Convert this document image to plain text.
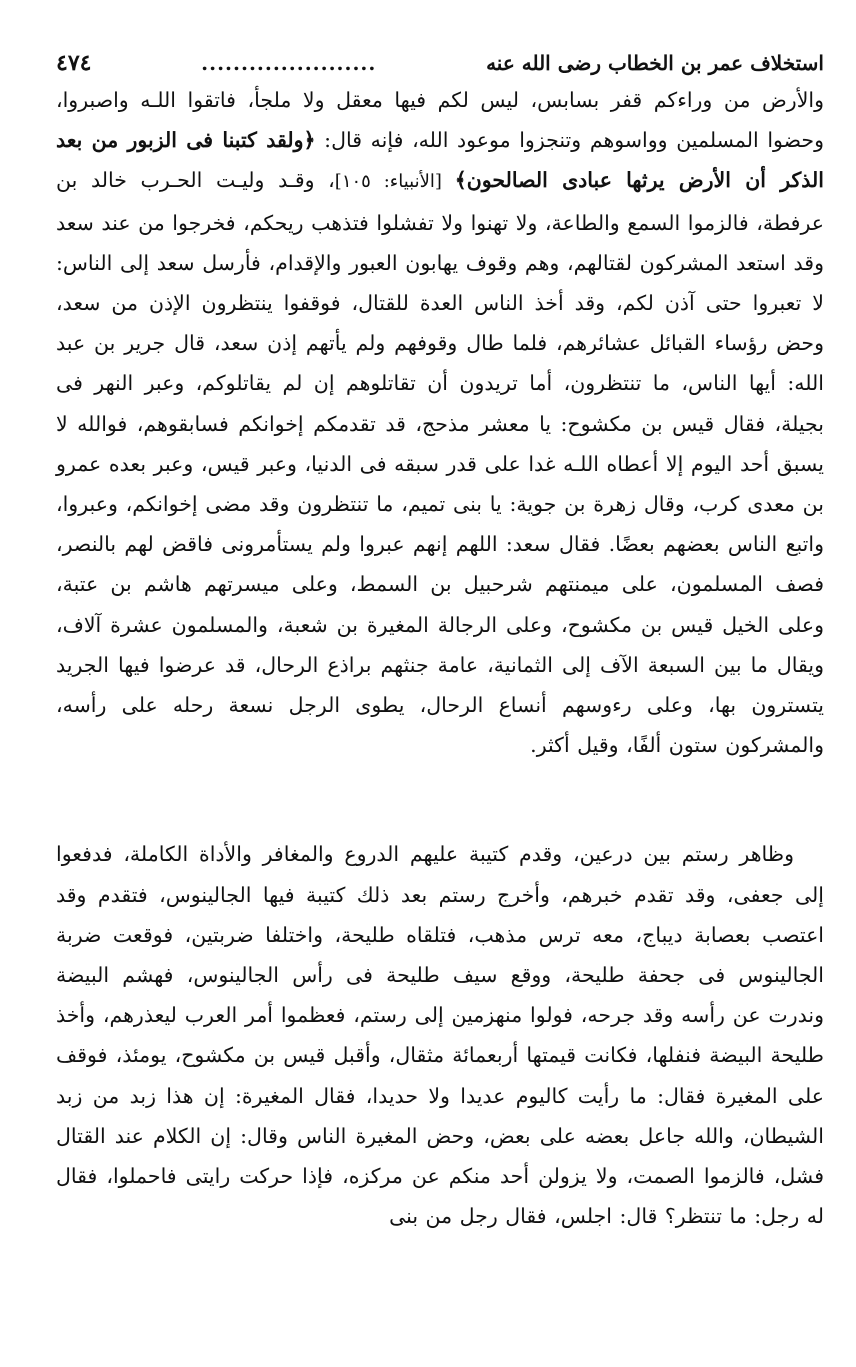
استخلاف عمر بن الخطاب رضى الله عنه
......................
٤٧٤

والأرض من وراءكم قفر بسابس، ليس لكم فيها معقل ولا ملجأ، فاتقوا اللـه واصبروا، وحضوا المسلمين وواسوهم وتنجزوا موعود الله، فإنه قال: ﴿ولقد كتبنا فى الزبور من بعد الذكر أن الأرض يرثها عبادى الصالحون﴾ [الأنبياء: ١٠٥]، وقـد وليـت الحـرب خالد بن عرفطة، فالزموا السمع والطاعة، ولا تهنوا ولا تفشلوا فتذهب ريحكم، فخرجوا من عند سعد وقد استعد المشركون لقتالهم، وهم وقوف يهابون العبور والإقدام، فأرسل سعد إلى الناس: لا تعبروا حتى آذن لكم، وقد أخذ الناس العدة للقتال، فوقفوا ينتظرون الإذن من سعد، وحض رؤساء القبائل عشائرهم، فلما طال وقوفهم ولم يأتهم إذن سعد، قال جرير بن عبد الله: أيها الناس، ما تنتظرون، أما تريدون أن تقاتلوهم إن لم يقاتلوكم، وعبر النهر فى بجيلة، فقال قيس بن مكشوح: يا معشر مذحج، قد تقدمكم إخوانكم فسابقوهم، فوالله لا يسبق أحد اليوم إلا أعطاه اللـه غدا على قدر سبقه فى الدنيا، وعبر قيس، وعبر بعده عمرو بن معدى كرب، وقال زهرة بن جوية: يا بنى تميم، ما تنتظرون وقد مضى إخوانكم، وعبروا، واتبع الناس بعضهم بعضًا. فقال سعد: اللهم إنهم عبروا ولم يستأمرونى فاقض لهم بالنصر، فصف المسلمون، على ميمنتهم شرحبيل بن السمط، وعلى ميسرتهم هاشم بن عتبة، وعلى الخيل قيس بن مكشوح، وعلى الرجالة المغيرة بن شعبة، والمسلمون عشرة آلاف، ويقال ما بين السبعة الآف إلى الثمانية، عامة جنثهم براذع الرحال، قد عرضوا فيها الجريد يتسترون بها، وعلى رءوسهم أنساع الرحال، يطوى الرجل نسعة رحله على رأسه، والمشركون ستون ألفًا، وقيل أكثر.

وظاهر رستم بين درعين، وقدم كتيبة عليهم الدروع والمغافر والأداة الكاملة، فدفعوا إلى جعفى، وقد تقدم خبرهم، وأخرج رستم بعد ذلك كتيبة فيها الجالينوس، فتقدم وقد اعتصب بعصابة ديباج، معه ترس مذهب، فتلقاه طليحة، واختلفا ضربتين، فوقعت ضربة الجالينوس فى جحفة طليحة، ووقع سيف طليحة فى رأس الجالينوس، فهشم البيضة وندرت عن رأسه وقد جرحه، فولوا منهزمين إلى رستم، فعظموا أمر العرب ليعذرهم، وأخذ طليحة البيضة فنفلها، فكانت قيمتها أربعمائة مثقال، وأقبل قيس بن مكشوح، يومئذ، فوقف على المغيرة فقال: ما رأيت كاليوم عديدا ولا حديدا، فقال المغيرة: إن هذا زبد من زبد الشيطان، والله جاعل بعضه على بعض، وحض المغيرة الناس وقال: إن الكلام عند القتال فشل، فالزموا الصمت، ولا يزولن أحد منكم عن مركزه، فإذا حركت رايتى فاحملوا، فقال له رجل: ما تنتظر؟ قال: اجلس، فقال رجل من بنى
